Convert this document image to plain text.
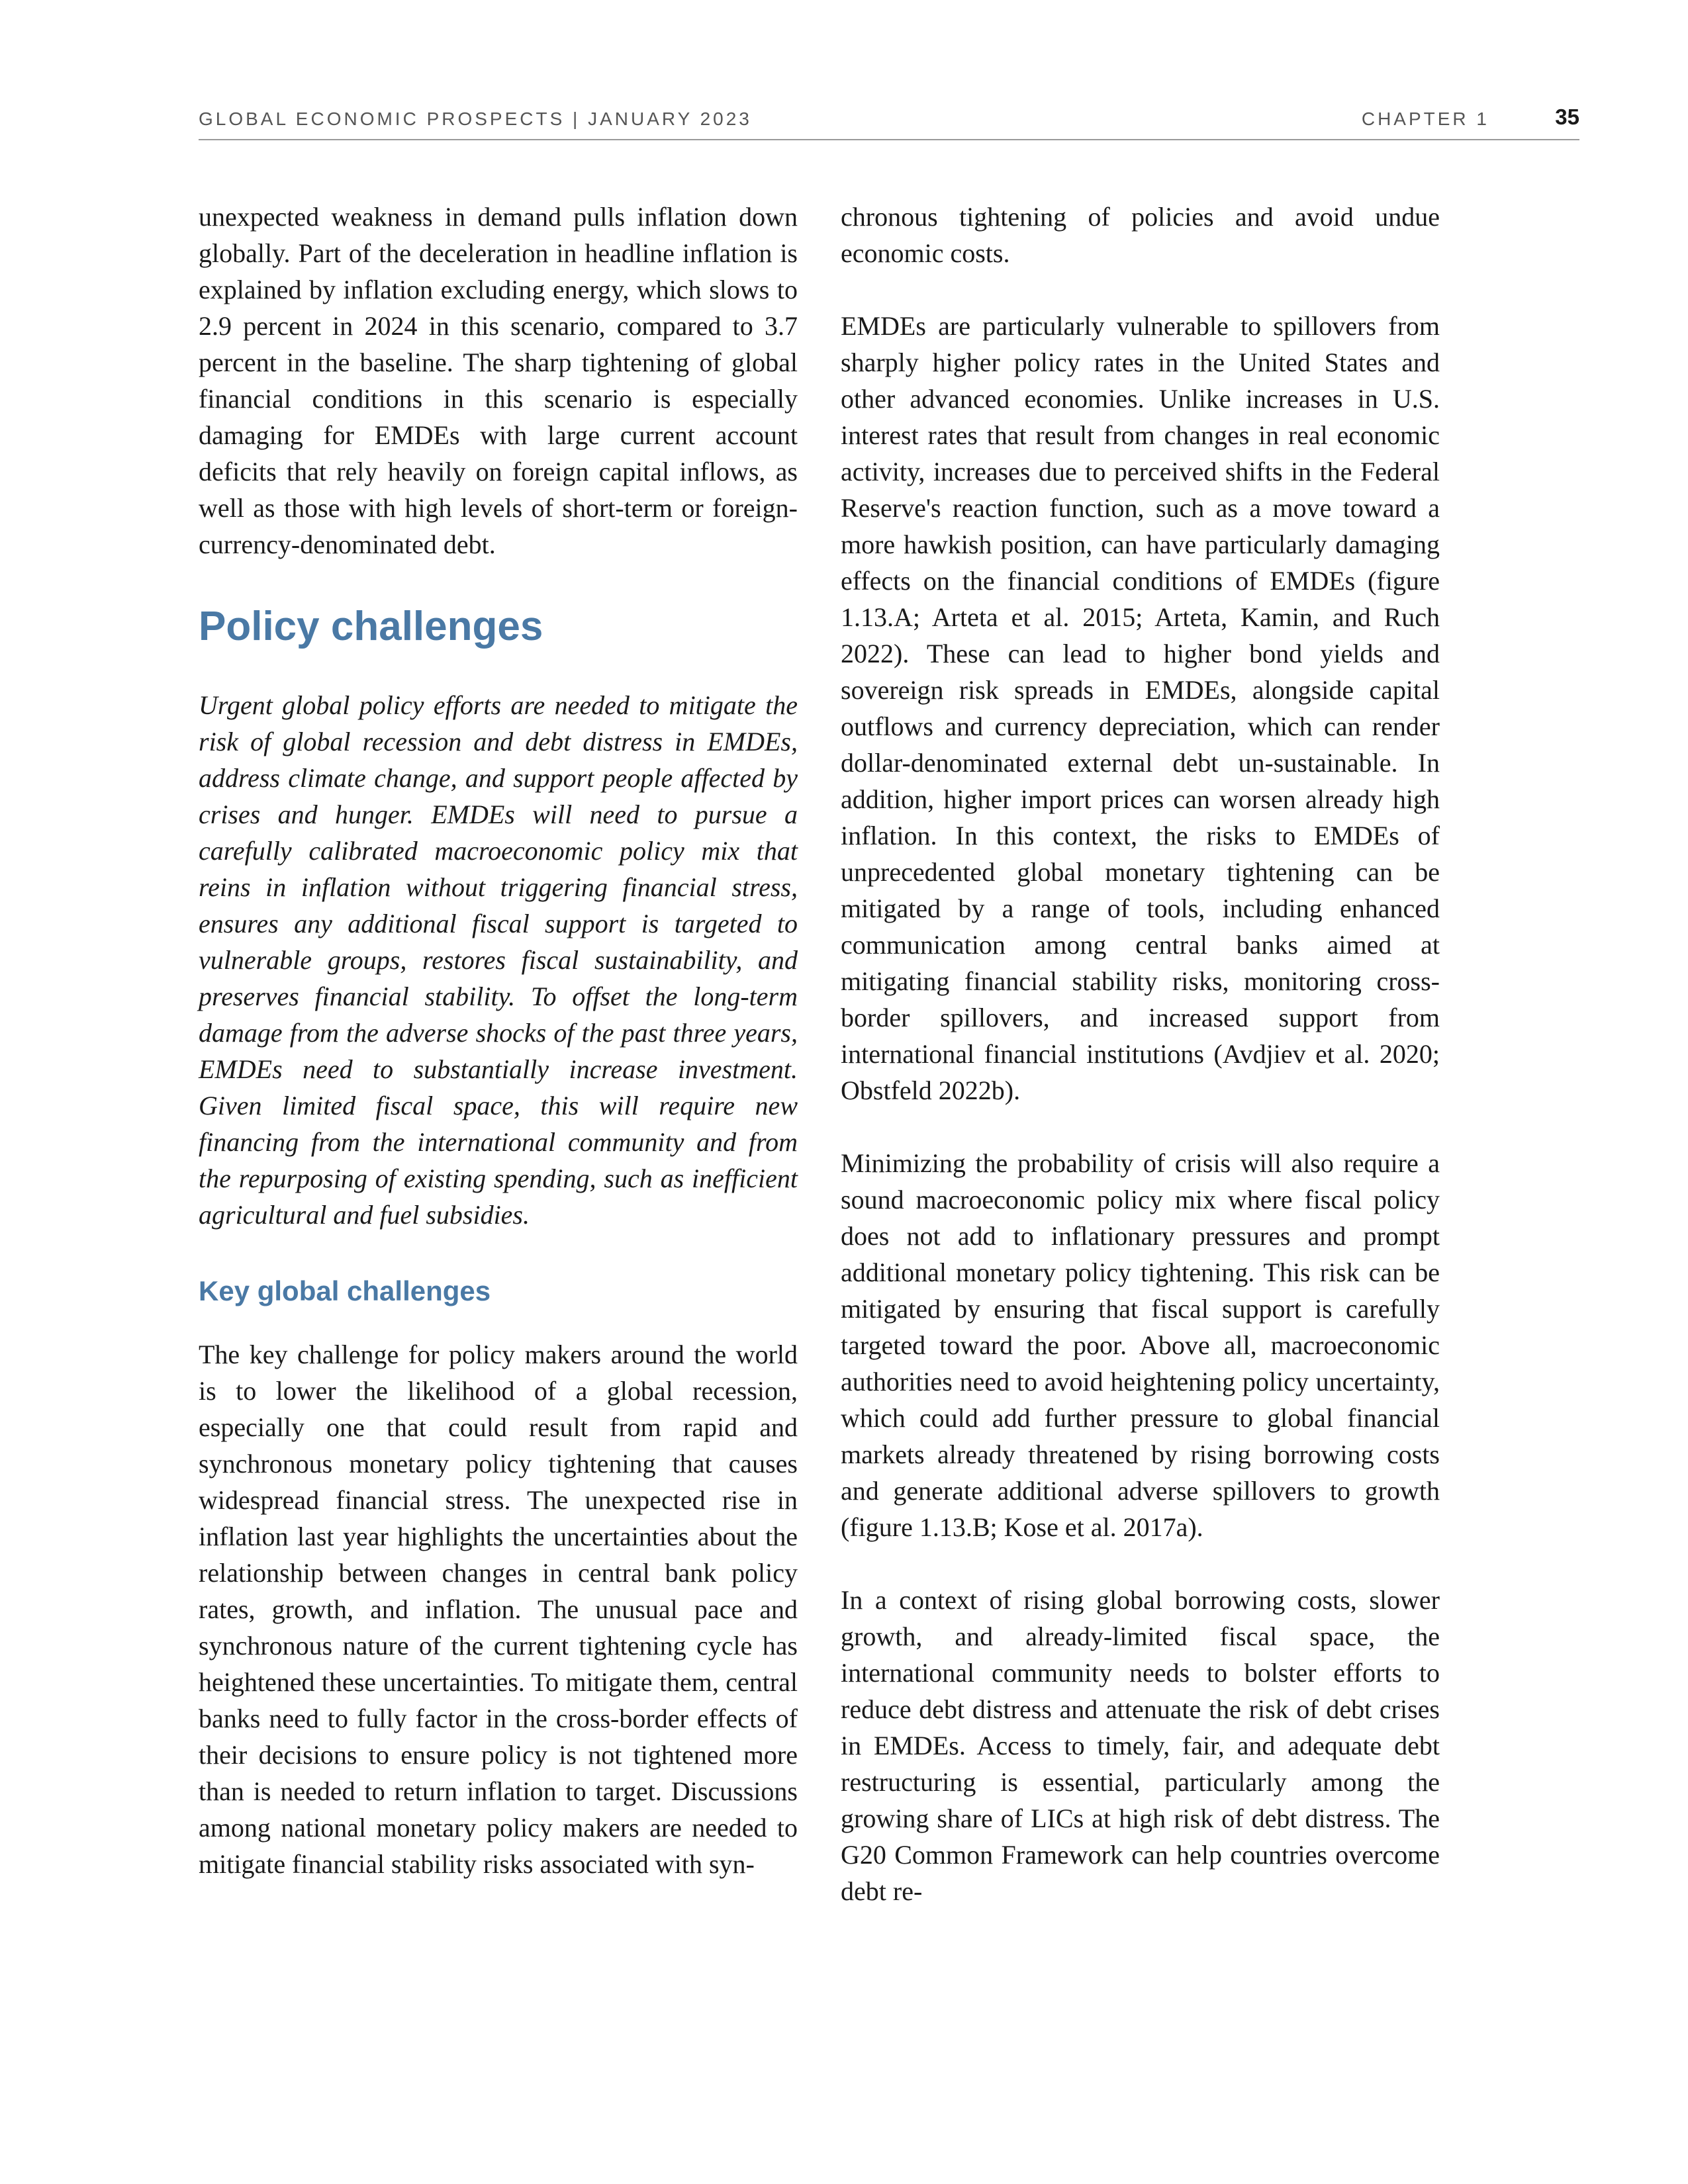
GLOBAL ECONOMIC PROSPECTS | JANUARY 2023	CHAPTER 1	35

unexpected weakness in demand pulls inflation down globally. Part of the deceleration in headline inflation is explained by inflation excluding energy, which slows to 2.9 percent in 2024 in this scenario, compared to 3.7 percent in the baseline. The sharp tightening of global financial conditions in this scenario is especially damaging for EMDEs with large current account deficits that rely heavily on foreign capital inflows, as well as those with high levels of short-term or foreign-currency-denominated debt.

Policy challenges

Urgent global policy efforts are needed to mitigate the risk of global recession and debt distress in EMDEs, address climate change, and support people affected by crises and hunger. EMDEs will need to pursue a carefully calibrated macroeconomic policy mix that reins in inflation without triggering financial stress, ensures any additional fiscal support is targeted to vulnerable groups, restores fiscal sustainability, and preserves financial stability. To offset the long-term damage from the adverse shocks of the past three years, EMDEs need to substantially increase investment. Given limited fiscal space, this will require new financing from the international community and from the repurposing of existing spending, such as inefficient agricultural and fuel subsidies.

Key global challenges

The key challenge for policy makers around the world is to lower the likelihood of a global recession, especially one that could result from rapid and synchronous monetary policy tightening that causes widespread financial stress. The unexpected rise in inflation last year highlights the uncertainties about the relationship between changes in central bank policy rates, growth, and inflation. The unusual pace and synchronous nature of the current tightening cycle has heightened these uncertainties. To mitigate them, central banks need to fully factor in the cross-border effects of their decisions to ensure policy is not tightened more than is needed to return inflation to target. Discussions among national monetary policy makers are needed to mitigate financial stability risks associated with syn-

chronous tightening of policies and avoid undue economic costs.

EMDEs are particularly vulnerable to spillovers from sharply higher policy rates in the United States and other advanced economies. Unlike increases in U.S. interest rates that result from changes in real economic activity, increases due to perceived shifts in the Federal Reserve's reaction function, such as a move toward a more hawkish position, can have particularly damaging effects on the financial conditions of EMDEs (figure 1.13.A; Arteta et al. 2015; Arteta, Kamin, and Ruch 2022). These can lead to higher bond yields and sovereign risk spreads in EMDEs, alongside capital outflows and currency depreciation, which can render dollar-denominated external debt un-sustainable. In addition, higher import prices can worsen already high inflation. In this context, the risks to EMDEs of unprecedented global monetary tightening can be mitigated by a range of tools, including enhanced communication among central banks aimed at mitigating financial stability risks, monitoring cross-border spillovers, and increased support from international financial institutions (Avdjiev et al. 2020; Obstfeld 2022b).

Minimizing the probability of crisis will also require a sound macroeconomic policy mix where fiscal policy does not add to inflationary pressures and prompt additional monetary policy tightening. This risk can be mitigated by ensuring that fiscal support is carefully targeted toward the poor. Above all, macroeconomic authorities need to avoid heightening policy uncertainty, which could add further pressure to global financial markets already threatened by rising borrowing costs and generate additional adverse spillovers to growth (figure 1.13.B; Kose et al. 2017a).

In a context of rising global borrowing costs, slower growth, and already-limited fiscal space, the international community needs to bolster efforts to reduce debt distress and attenuate the risk of debt crises in EMDEs. Access to timely, fair, and adequate debt restructuring is essential, particularly among the growing share of LICs at high risk of debt distress. The G20 Common Framework can help countries overcome debt re-
